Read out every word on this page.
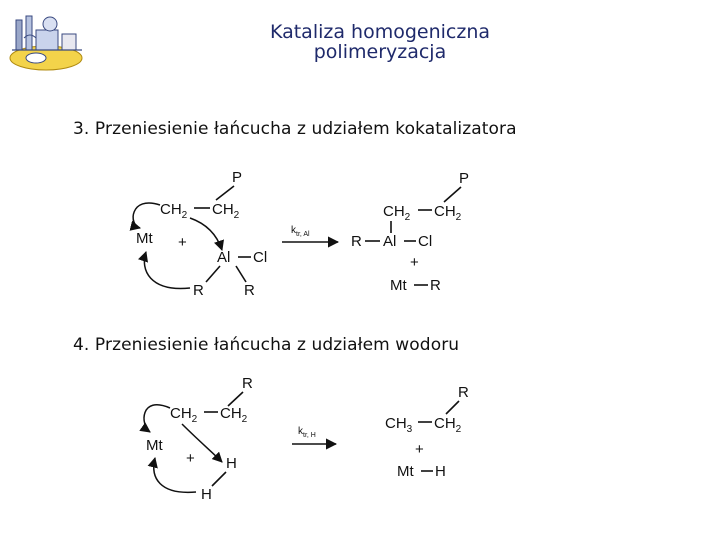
Kataliza homogeniczna
polimeryzacja
3. Przeniesienie łańcucha z udziałem kokatalizatora
4. Przeniesienie łańcucha z udziałem wodoru
P
$CH_2$ $CH_2$
Mt +
Al Cl
R	R
$k_{tr, Al}$
P
$CH_2$ $CH_2$
R Al Cl
+
Mt R
R
$CH_2$ $CH_2$
Mt
+ H
H
$k_{tr, H}$
R
$CH_3$ $CH_2$
+
Mt H
